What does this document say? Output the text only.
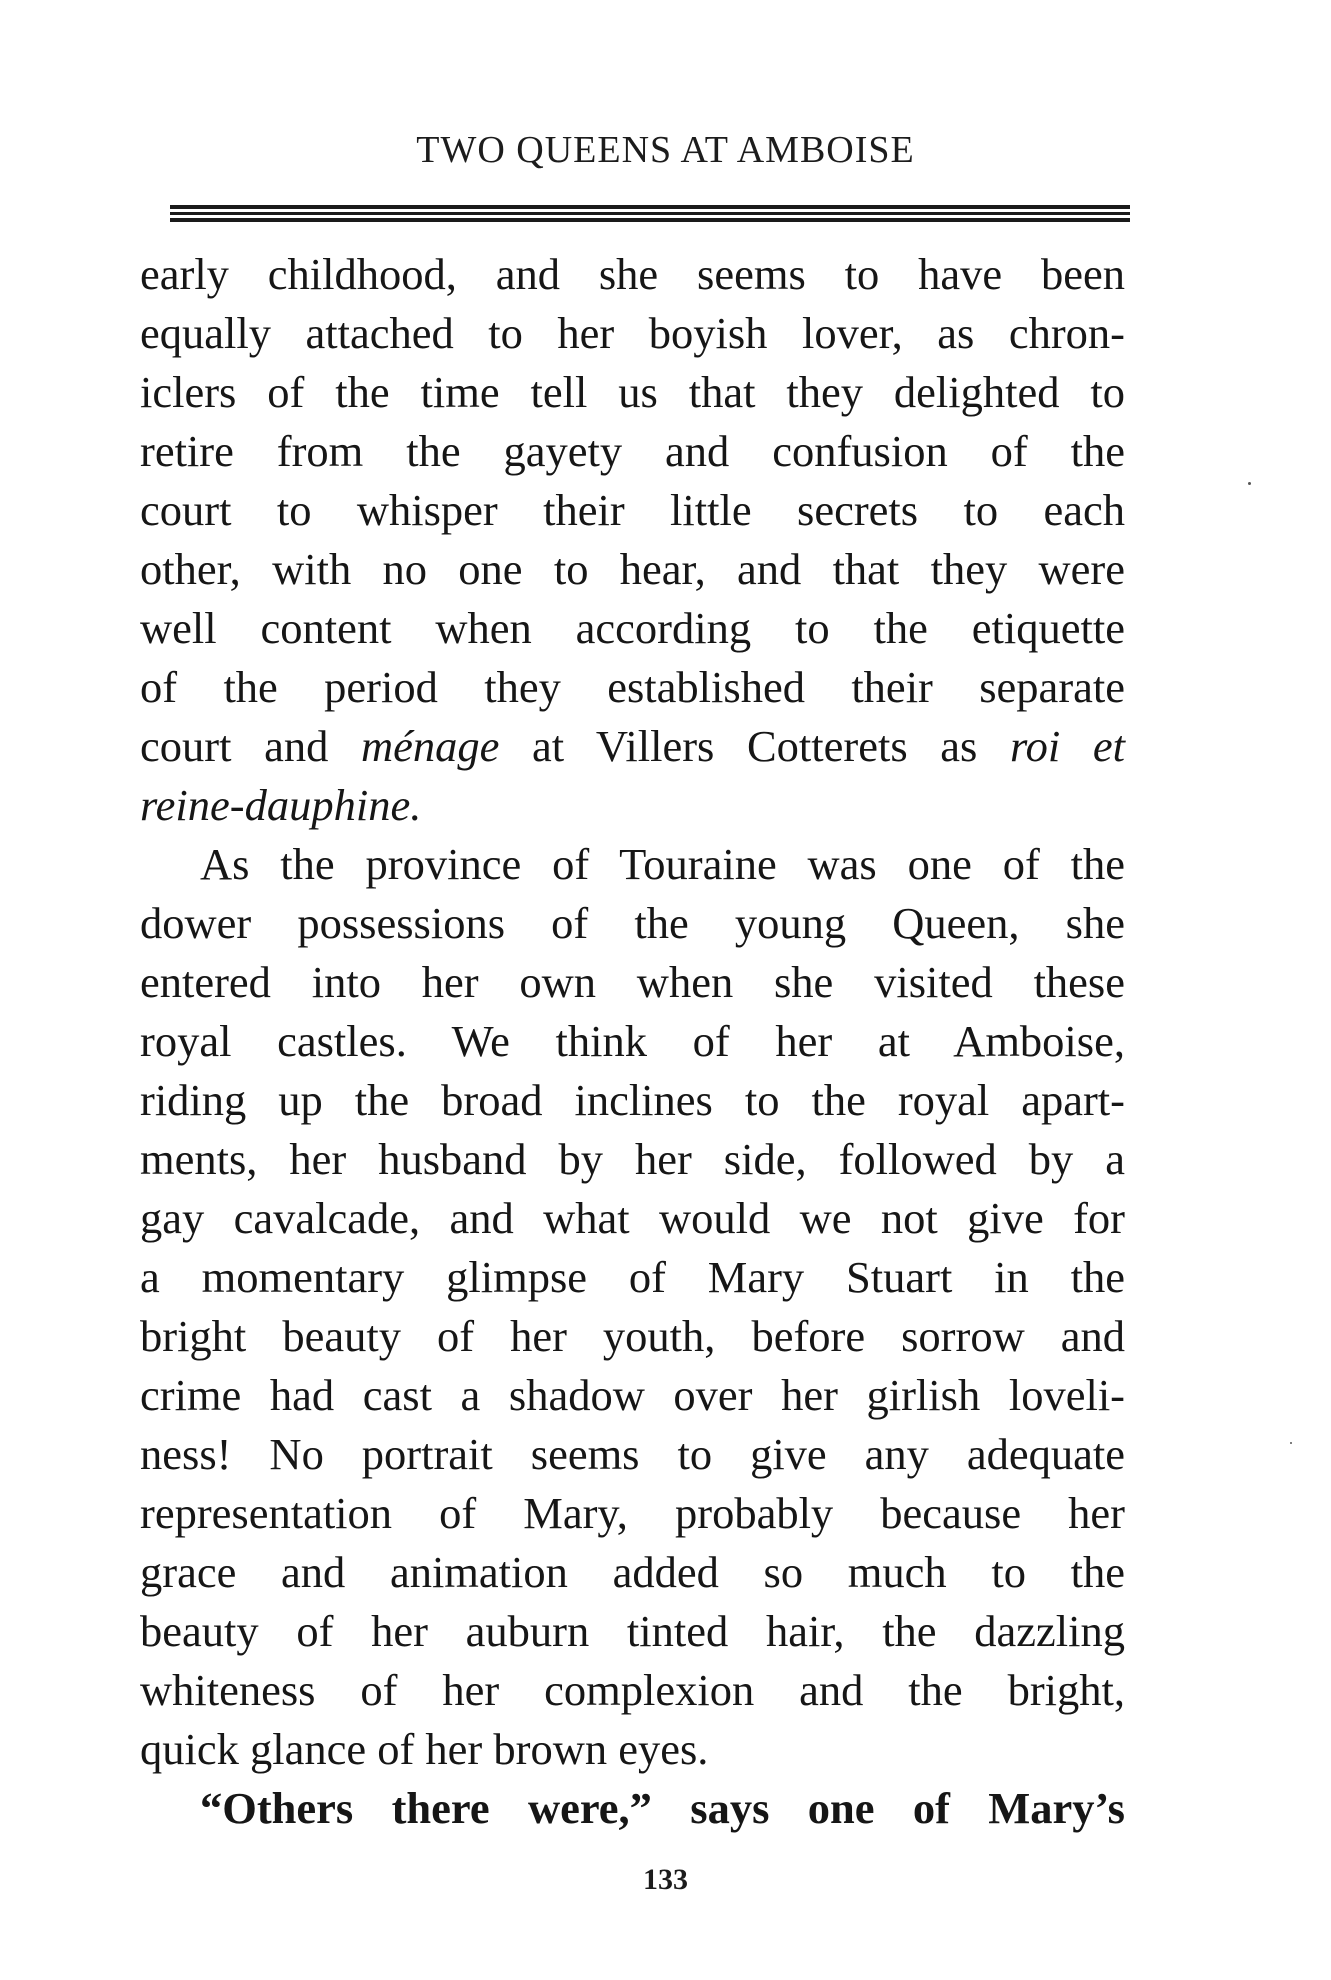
TWO QUEENS AT AMBOISE
early childhood, and she seems to have been
equally attached to her boyish lover, as chron-
iclers of the time tell us that they delighted to
retire from the gayety and confusion of the
court to whisper their little secrets to each
other, with no one to hear, and that they were
well content when according to the etiquette
of the period they established their separate
court and ménage at Villers Cotterets as roi et
reine-dauphine.
As the province of Touraine was one of the
dower possessions of the young Queen, she
entered into her own when she visited these
royal castles. We think of her at Amboise,
riding up the broad inclines to the royal apart-
ments, her husband by her side, followed by a
gay cavalcade, and what would we not give for
a momentary glimpse of Mary Stuart in the
bright beauty of her youth, before sorrow and
crime had cast a shadow over her girlish loveli-
ness! No portrait seems to give any adequate
representation of Mary, probably because her
grace and animation added so much to the
beauty of her auburn tinted hair, the dazzling
whiteness of her complexion and the bright,
quick glance of her brown eyes.
“Others there were,” says one of Mary’s
133
